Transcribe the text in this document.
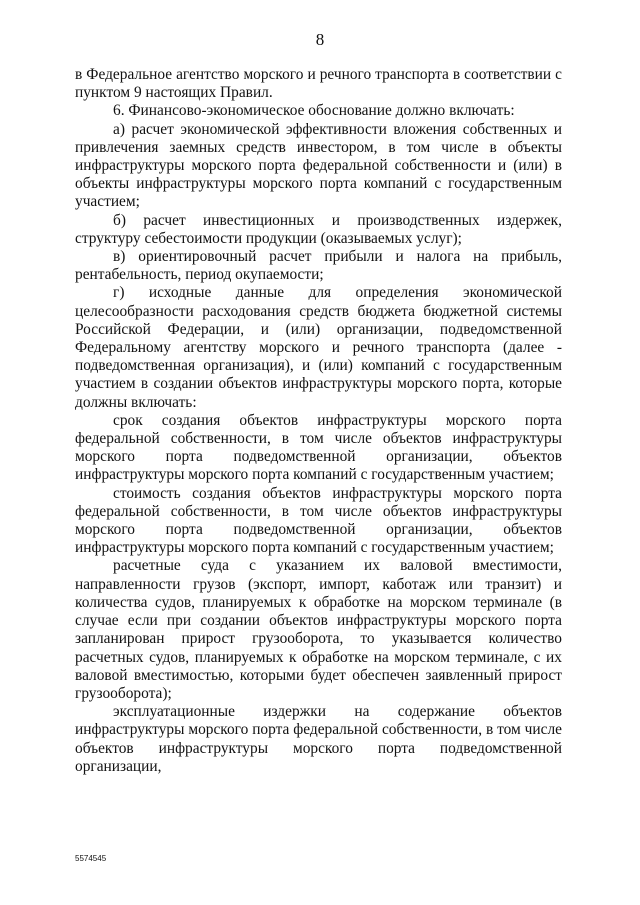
8

в Федеральное агентство морского и речного транспорта в соответствии с пунктом 9 настоящих Правил.

6. Финансово-экономическое обоснование должно включать:

а) расчет экономической эффективности вложения собственных и привлечения заемных средств инвестором, в том числе в объекты инфраструктуры морского порта федеральной собственности и (или) в объекты инфраструктуры морского порта компаний с государственным участием;

б) расчет инвестиционных и производственных издержек, структуру себестоимости продукции (оказываемых услуг);

в) ориентировочный расчет прибыли и налога на прибыль, рентабельность, период окупаемости;

г) исходные данные для определения экономической целесообразности расходования средств бюджета бюджетной системы Российской Федерации, и (или) организации, подведомственной Федеральному агентству морского и речного транспорта (далее - подведомственная организация), и (или) компаний с государственным участием в создании объектов инфраструктуры морского порта, которые должны включать:

срок создания объектов инфраструктуры морского порта федеральной собственности, в том числе объектов инфраструктуры морского порта подведомственной организации, объектов инфраструктуры морского порта компаний с государственным участием;

стоимость создания объектов инфраструктуры морского порта федеральной собственности, в том числе объектов инфраструктуры морского порта подведомственной организации, объектов инфраструктуры морского порта компаний с государственным участием;

расчетные суда с указанием их валовой вместимости, направленности грузов (экспорт, импорт, каботаж или транзит) и количества судов, планируемых к обработке на морском терминале (в случае если при создании объектов инфраструктуры морского порта запланирован прирост грузооборота, то указывается количество расчетных судов, планируемых к обработке на морском терминале, с их валовой вместимостью, которыми будет обеспечен заявленный прирост грузооборота);

эксплуатационные издержки на содержание объектов инфраструктуры морского порта федеральной собственности, в том числе объектов инфраструктуры морского порта подведомственной организации,

5574545
